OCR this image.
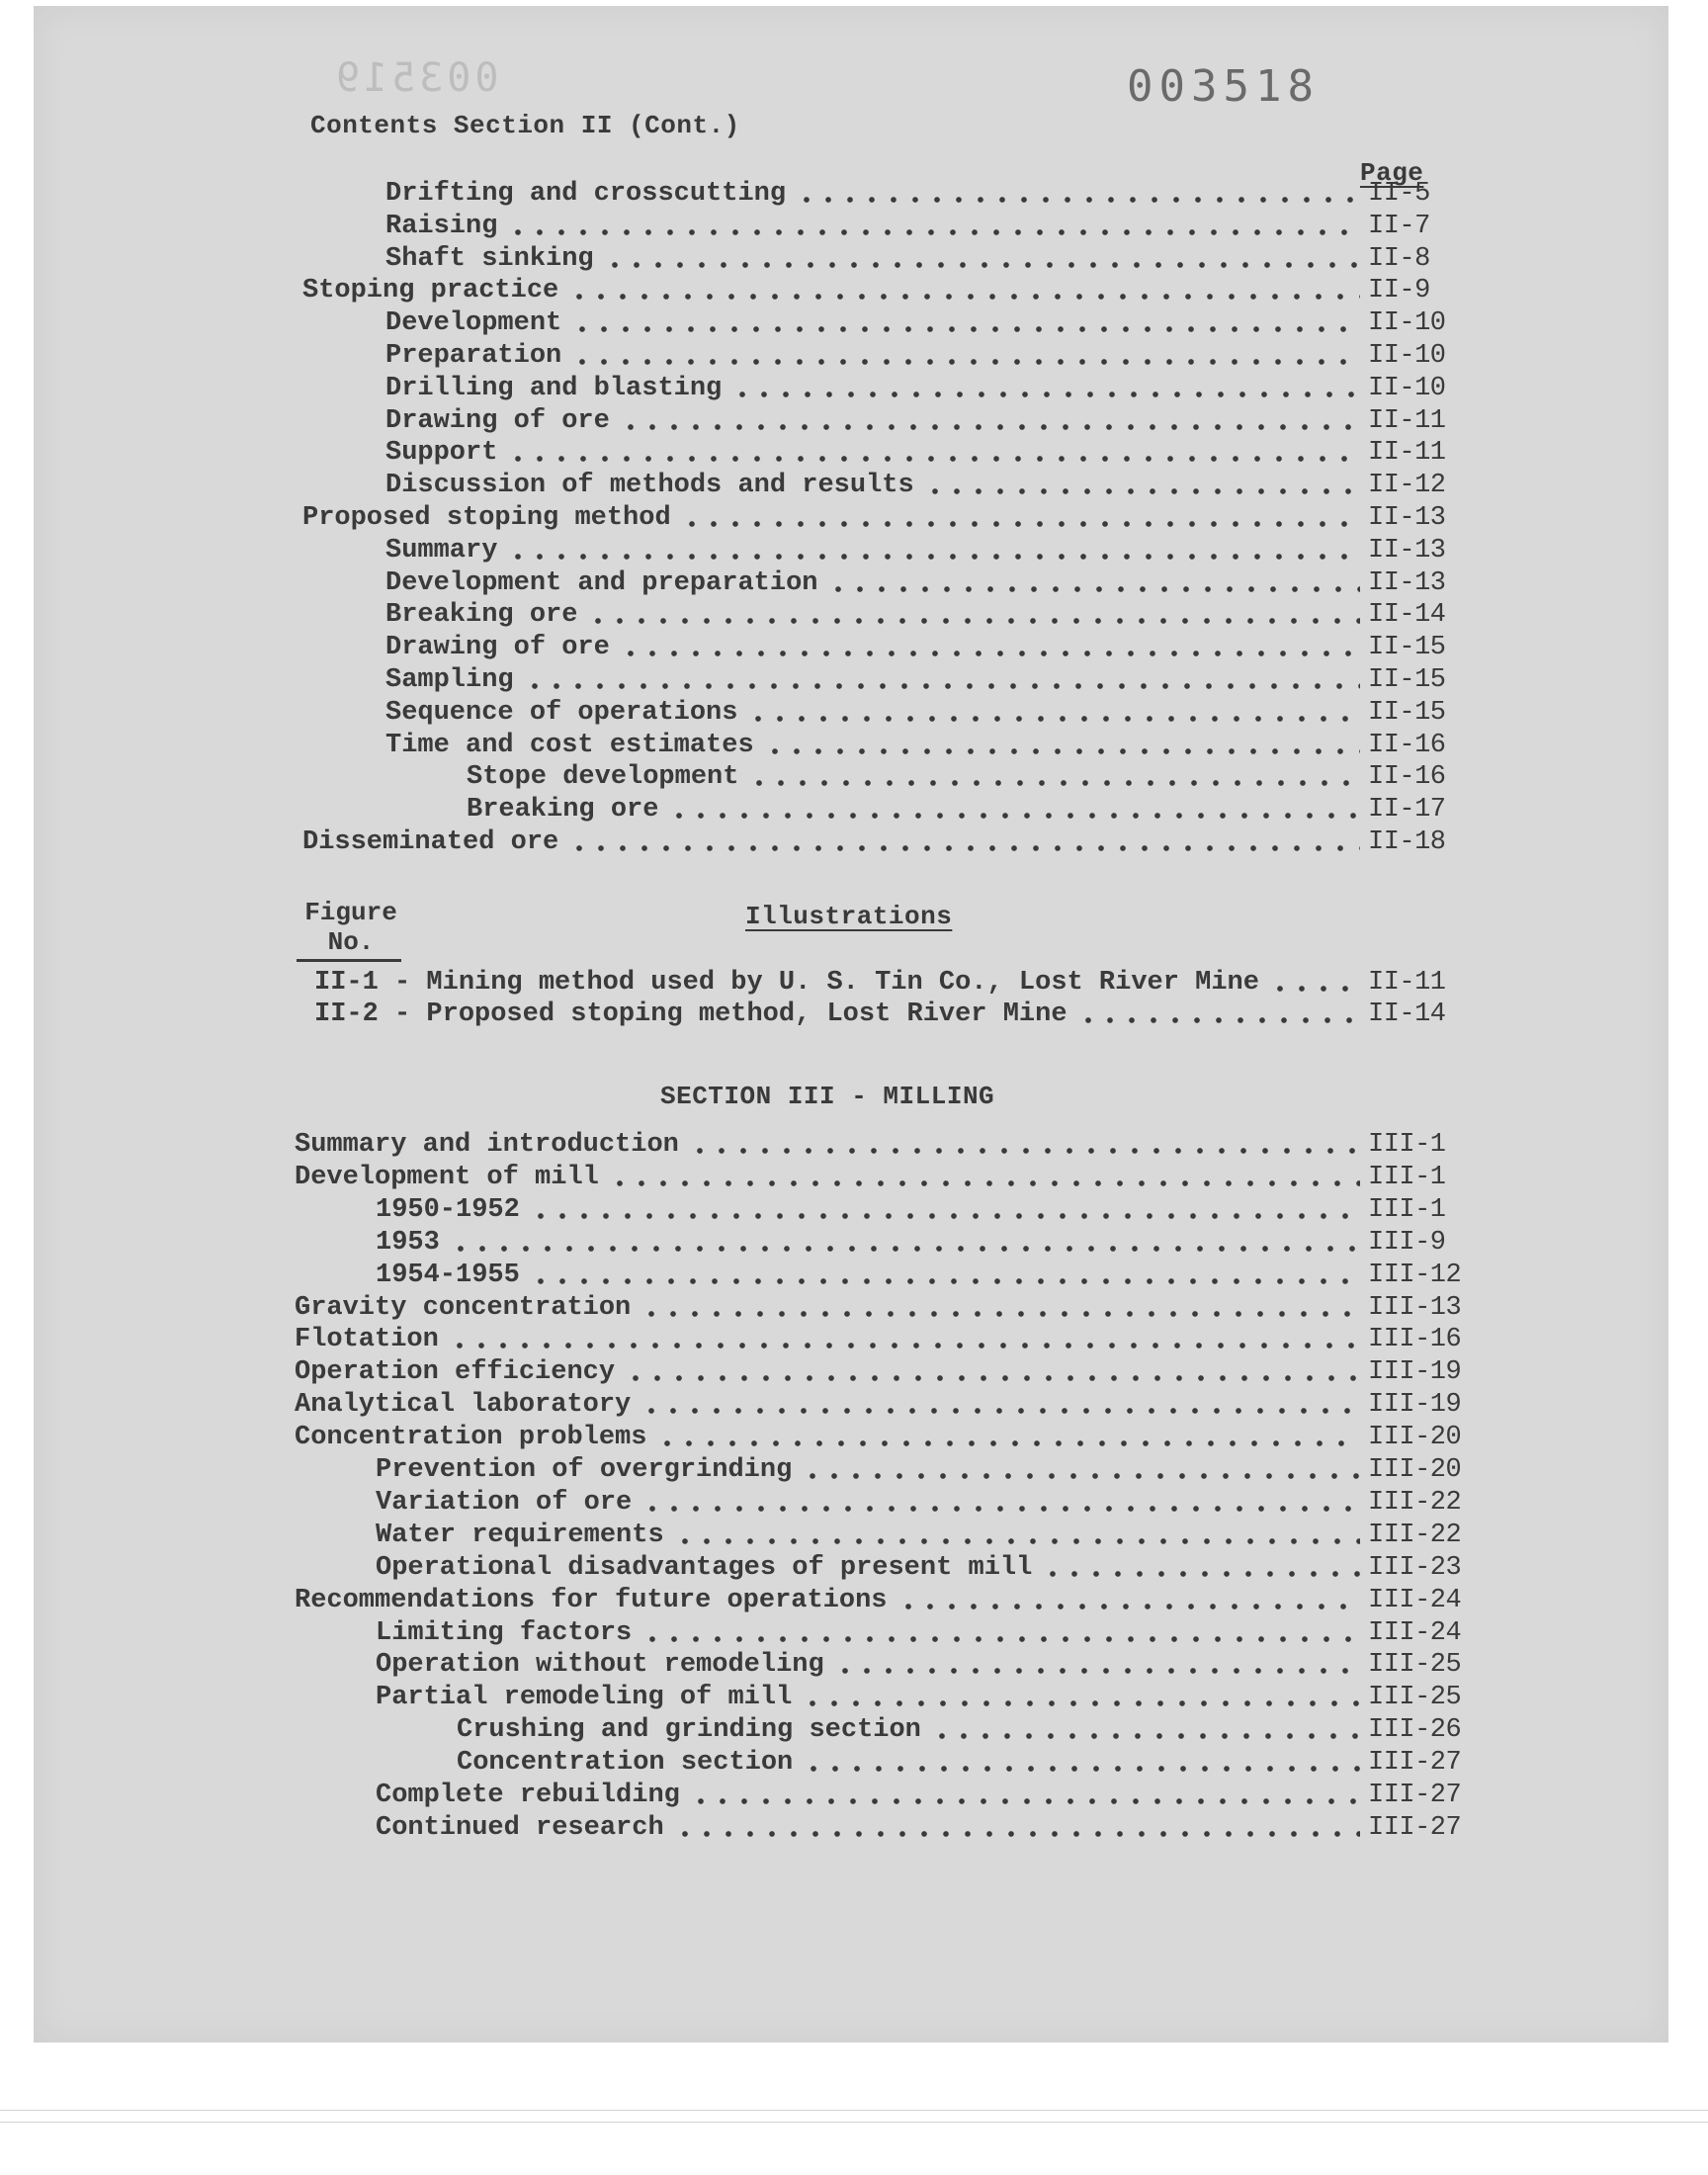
003519	003518
Contents Section II (Cont.)
Page
Drifting and crosscutting	II-5
Raising	II-7
Shaft sinking	II-8
Stoping practice	II-9
Development	II-10
Preparation	II-10
Drilling and blasting	II-10
Drawing of ore	II-11
Support	II-11
Discussion of methods and results	II-12
Proposed stoping method	II-13
Summary	II-13
Development and preparation	II-13
Breaking ore	II-14
Drawing of ore	II-15
Sampling	II-15
Sequence of operations	II-15
Time and cost estimates	II-16
Stope development	II-16
Breaking ore	II-17
Disseminated ore	II-18
Figure
No.
Illustrations
II-1 - Mining method used by U. S. Tin Co., Lost River Mine	II-11
II-2 - Proposed stoping method, Lost River Mine	II-14
SECTION III - MILLING
Summary and introduction	III-1
Development of mill	III-1
1950-1952	III-1
1953	III-9
1954-1955	III-12
Gravity concentration	III-13
Flotation	III-16
Operation efficiency	III-19
Analytical laboratory	III-19
Concentration problems	III-20
Prevention of overgrinding	III-20
Variation of ore	III-22
Water requirements	III-22
Operational disadvantages of present mill	III-23
Recommendations for future operations	III-24
Limiting factors	III-24
Operation without remodeling	III-25
Partial remodeling of mill	III-25
Crushing and grinding section	III-26
Concentration section	III-27
Complete rebuilding	III-27
Continued research	III-27
